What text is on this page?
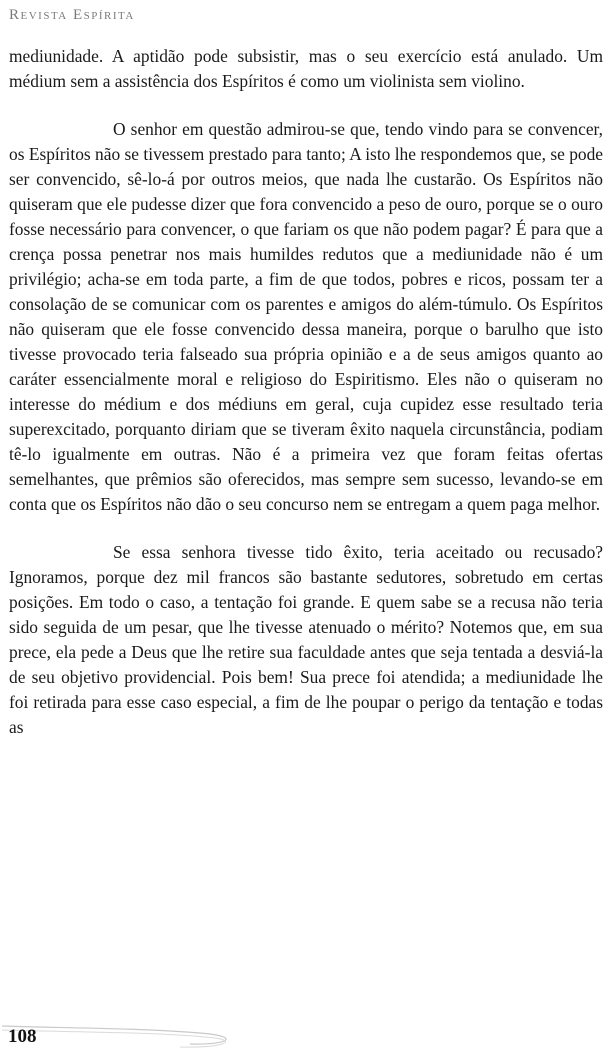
Revista Espírita

mediunidade. A aptidão pode subsistir, mas o seu exercício está anulado. Um médium sem a assistência dos Espíritos é como um violinista sem violino.

O senhor em questão admirou-se que, tendo vindo para se convencer, os Espíritos não se tivessem prestado para tanto; A isto lhe respondemos que, se pode ser convencido, sê-lo-á por outros meios, que nada lhe custarão. Os Espíritos não quiseram que ele pudesse dizer que fora convencido a peso de ouro, porque se o ouro fosse necessário para convencer, o que fariam os que não podem pagar? É para que a crença possa penetrar nos mais humildes redutos que a mediunidade não é um privilégio; acha-se em toda parte, a fim de que todos, pobres e ricos, possam ter a consolação de se comunicar com os parentes e amigos do além-túmulo. Os Espíritos não quiseram que ele fosse convencido dessa maneira, porque o barulho que isto tivesse provocado teria falseado sua própria opinião e a de seus amigos quanto ao caráter essencialmente moral e religioso do Espiritismo. Eles não o quiseram no interesse do médium e dos médiuns em geral, cuja cupidez esse resultado teria superexcitado, porquanto diriam que se tiveram êxito naquela circunstância, podiam tê-lo igualmente em outras. Não é a primeira vez que foram feitas ofertas semelhantes, que prêmios são oferecidos, mas sempre sem sucesso, levando-se em conta que os Espíritos não dão o seu concurso nem se entregam a quem paga melhor.

Se essa senhora tivesse tido êxito, teria aceitado ou recusado? Ignoramos, porque dez mil francos são bastante sedutores, sobretudo em certas posições. Em todo o caso, a tentação foi grande. E quem sabe se a recusa não teria sido seguida de um pesar, que lhe tivesse atenuado o mérito? Notemos que, em sua prece, ela pede a Deus que lhe retire sua faculdade antes que seja tentada a desviá-la de seu objetivo providencial. Pois bem! Sua prece foi atendida; a mediunidade lhe foi retirada para esse caso especial, a fim de lhe poupar o perigo da tentação e todas as

108
